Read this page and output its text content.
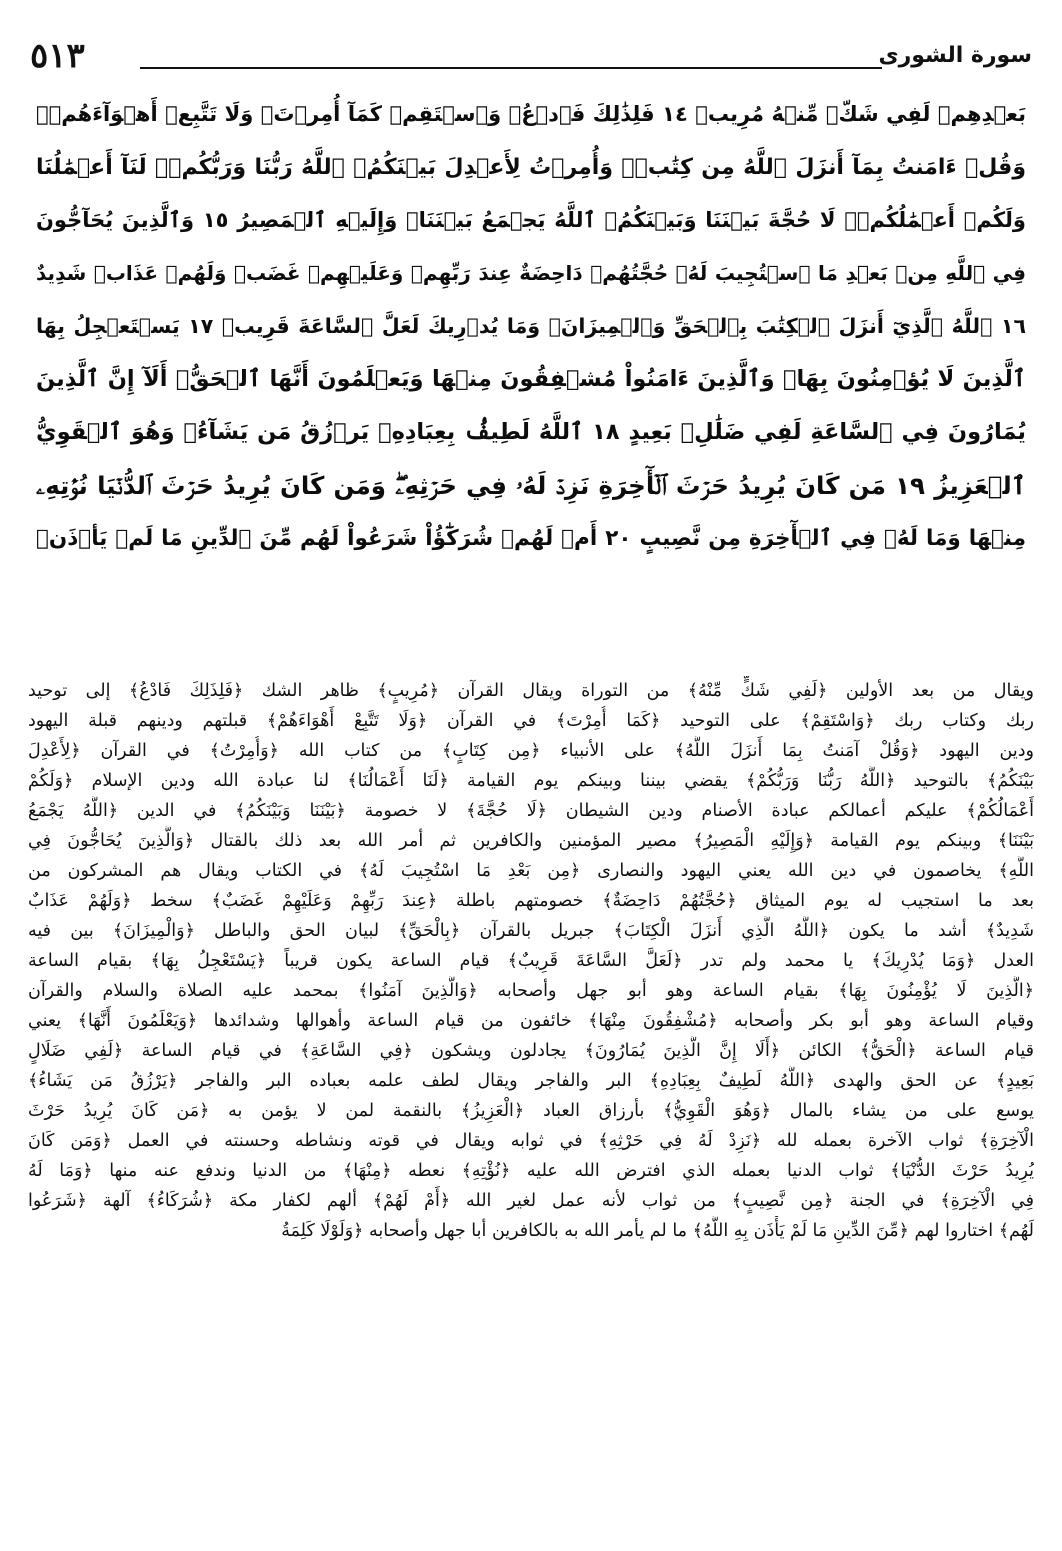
٥١٣	سورة الشورى
بَعۡدِهِمۡ لَفِي شَكّٖ مِّنۡهُ مُرِيبٖ ١٤ فَلِذَٰلِكَ فَٱدۡعُۖ وَٱسۡتَقِمۡ كَمَآ أُمِرۡتَۖ وَلَا تَتَّبِعۡ أَهۡوَآءَهُمۡۖ
وَقُلۡ ءَامَنتُ بِمَآ أَنزَلَ ٱللَّهُ مِن كِتَٰبٖۖ وَأُمِرۡتُ لِأَعۡدِلَ بَيۡنَكُمُۖ ٱللَّهُ رَبُّنَا وَرَبُّكُمۡۖ لَنَآ أَعۡمَٰلُنَا
وَلَكُمۡ أَعۡمَٰلُكُمۡۖ لَا حُجَّةَ بَيۡنَنَا وَبَيۡنَكُمُۖ ٱللَّهُ يَجۡمَعُ بَيۡنَنَاۖ وَإِلَيۡهِ ٱلۡمَصِيرُ ١٥ وَٱلَّذِينَ يُحَآجُّونَ
فِي ٱللَّهِ مِنۢ بَعۡدِ مَا ٱسۡتُجِيبَ لَهُۥ حُجَّتُهُمۡ دَاحِضَةٌ عِندَ رَبِّهِمۡ وَعَلَيۡهِمۡ غَضَبٞ وَلَهُمۡ عَذَابٞ شَدِيدٌ
١٦ ٱللَّهُ ٱلَّذِيٓ أَنزَلَ ٱلۡكِتَٰبَ بِٱلۡحَقِّ وَٱلۡمِيزَانَۗ وَمَا يُدۡرِيكَ لَعَلَّ ٱلسَّاعَةَ قَرِيبٞ ١٧ يَسۡتَعۡجِلُ بِهَا
ٱلَّذِينَ لَا يُؤۡمِنُونَ بِهَاۖ وَٱلَّذِينَ ءَامَنُواْ مُشۡفِقُونَ مِنۡهَا وَيَعۡلَمُونَ أَنَّهَا ٱلۡحَقُّۗ أَلَآ إِنَّ ٱلَّذِينَ
يُمَارُونَ فِي ٱلسَّاعَةِ لَفِي ضَلَٰلِۢ بَعِيدٍ ١٨ ٱللَّهُ لَطِيفُۢ بِعِبَادِهِۦ يَرۡزُقُ مَن يَشَآءُۖ وَهُوَ ٱلۡقَوِيُّ
ٱلۡعَزِيزُ ١٩ مَن كَانَ يُرِيدُ حَرۡثَ ٱلۡأٓخِرَةِ نَزِدۡ لَهُۥ فِي حَرۡثِهِۦۖ وَمَن كَانَ يُرِيدُ حَرۡثَ ٱلدُّنۡيَا نُؤۡتِهِۦ
مِنۡهَا وَمَا لَهُۥ فِي ٱلۡأٓخِرَةِ مِن نَّصِيبٍ ٢٠ أَمۡ لَهُمۡ شُرَكَٰٓؤُاْ شَرَعُواْ لَهُم مِّنَ ٱلدِّينِ مَا لَمۡ يَأۡذَنۢ
ويقال من بعد الأولين ﴿لَفِي شَكٍّ مِّنْهُ﴾ من التوراة ويقال القرآن ﴿مُرِيبٍ﴾ ظاهر الشك ﴿فَلِذَلِكَ فَادْعُ﴾ إلى توحيد
ربك وكتاب ربك ﴿وَاسْتَقِمْ﴾ على التوحيد ﴿كَمَا أُمِرْتَ﴾ في القرآن ﴿وَلَا تَتَّبِعْ أَهْوَاءَهُمْ﴾ قبلتهم ودينهم قبلة اليهود
ودين اليهود ﴿وَقُلْ آمَنتُ بِمَا أَنزَلَ اللَّهُ﴾ على الأنبياء ﴿مِن كِتَابٍ﴾ من كتاب الله ﴿وَأُمِرْتُ﴾ في القرآن ﴿لِأَعْدِلَ
بَيْنَكُمُ﴾ بالتوحيد ﴿اللَّهُ رَبُّنَا وَرَبُّكُمْ﴾ يقضي بيننا وبينكم يوم القيامة ﴿لَنَا أَعْمَالُنَا﴾ لنا عبادة الله ودين الإسلام ﴿وَلَكُمْ
أَعْمَالُكُمْ﴾ عليكم أعمالكم عبادة الأصنام ودين الشيطان ﴿لَا حُجَّةَ﴾ لا خصومة ﴿بَيْنَنَا وَبَيْنَكُمُ﴾ في الدين ﴿اللَّهُ يَجْمَعُ
بَيْنَنَا﴾ وبينكم يوم القيامة ﴿وَإِلَيْهِ الْمَصِيرُ﴾ مصير المؤمنين والكافرين ثم أمر الله بعد ذلك بالقتال ﴿وَالَّذِينَ يُحَاجُّونَ فِي
اللَّهِ﴾ يخاصمون في دين الله يعني اليهود والنصارى ﴿مِن بَعْدِ مَا اسْتُجِيبَ لَهُ﴾ في الكتاب ويقال هم المشركون من
بعد ما استجيب له يوم الميثاق ﴿حُجَّتُهُمْ دَاحِضَةٌ﴾ خصومتهم باطلة ﴿عِندَ رَبِّهِمْ وَعَلَيْهِمْ غَضَبٌ﴾ سخط ﴿وَلَهُمْ عَذَابٌ
شَدِيدٌ﴾ أشد ما يكون ﴿اللَّهُ الَّذِي أَنزَلَ الْكِتَابَ﴾ جبريل بالقرآن ﴿بِالْحَقِّ﴾ لبيان الحق والباطل ﴿وَالْمِيزَانَ﴾ بين فيه
العدل ﴿وَمَا يُدْرِيكَ﴾ يا محمد ولم تدر ﴿لَعَلَّ السَّاعَةَ قَرِيبٌ﴾ قيام الساعة يكون قريباً ﴿يَسْتَعْجِلُ بِهَا﴾ بقيام الساعة
﴿الَّذِينَ لَا يُؤْمِنُونَ بِهَا﴾ بقيام الساعة وهو أبو جهل وأصحابه ﴿وَالَّذِينَ آمَنُوا﴾ بمحمد عليه الصلاة والسلام والقرآن
وقيام الساعة وهو أبو بكر وأصحابه ﴿مُشْفِقُونَ مِنْهَا﴾ خائفون من قيام الساعة وأهوالها وشدائدها ﴿وَيَعْلَمُونَ أَنَّهَا﴾ يعني
قيام الساعة ﴿الْحَقُّ﴾ الكائن ﴿أَلَا إِنَّ الَّذِينَ يُمَارُونَ﴾ يجادلون ويشكون ﴿فِي السَّاعَةِ﴾ في قيام الساعة ﴿لَفِي ضَلَالٍ
بَعِيدٍ﴾ عن الحق والهدى ﴿اللَّهُ لَطِيفٌ بِعِبَادِهِ﴾ البر والفاجر ويقال لطف علمه بعباده البر والفاجر ﴿يَرْزُقُ مَن يَشَاءُ﴾
يوسع على من يشاء بالمال ﴿وَهُوَ الْقَوِيُّ﴾ بأرزاق العباد ﴿الْعَزِيزُ﴾ بالنقمة لمن لا يؤمن به ﴿مَن كَانَ يُرِيدُ حَرْثَ
الْآخِرَةِ﴾ ثواب الآخرة بعمله لله ﴿نَزِدْ لَهُ فِي حَرْثِهِ﴾ في ثوابه ويقال في قوته ونشاطه وحسنته في العمل ﴿وَمَن كَانَ
يُرِيدُ حَرْثَ الدُّنْيَا﴾ ثواب الدنيا بعمله الذي افترض الله عليه ﴿نُؤْتِهِ﴾ نعطه ﴿مِنْهَا﴾ من الدنيا وندفع عنه منها ﴿وَمَا لَهُ
فِي الْآخِرَةِ﴾ في الجنة ﴿مِن نَّصِيبٍ﴾ من ثواب لأنه عمل لغير الله ﴿أَمْ لَهُمْ﴾ ألهم لكفار مكة ﴿شُرَكَاءُ﴾ آلهة ﴿شَرَعُوا
لَهُم﴾ اختاروا لهم ﴿مِّنَ الدِّينِ مَا لَمْ يَأْذَن بِهِ اللَّهُ﴾ ما لم يأمر الله به بالكافرين أبا جهل وأصحابه ﴿وَلَوْلَا كَلِمَةُ
